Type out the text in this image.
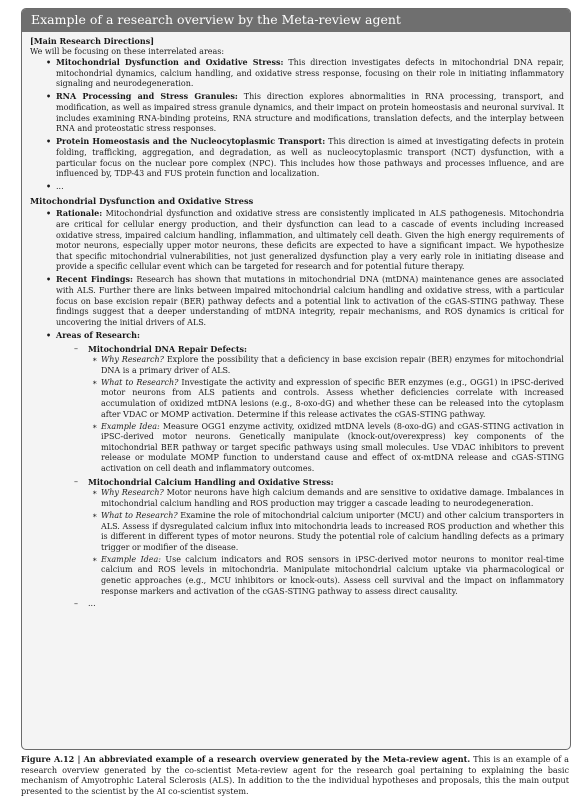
Example of a research overview by the Meta-review agent
[Main Research Directions]
We will be focusing on these interrelated areas:
• Mitochondrial Dysfunction and Oxidative Stress: This direction investigates defects in mitochondrial DNA repair, mitochondrial dynamics, calcium handling, and oxidative stress response, focusing on their role in initiating inflammatory signaling and neurodegeneration.
• RNA Processing and Stress Granules: This direction explores abnormalities in RNA processing, transport, and modification, as well as impaired stress granule dynamics, and their impact on protein homeostasis and neuronal survival. It includes examining RNA-binding proteins, RNA structure and modifications, translation defects, and the interplay between RNA and proteostatic stress responses.
• Protein Homeostasis and the Nucleocytoplasmic Transport: This direction is aimed at investigating defects in protein folding, trafficking, aggregation, and degradation, as well as nucleocytoplasmic transport (NCT) dysfunction, with a particular focus on the nuclear pore complex (NPC). This includes how those pathways and processes influence, and are influenced by, TDP-43 and FUS protein function and localization.
• ...
Mitochondrial Dysfunction and Oxidative Stress
• Rationale: Mitochondrial dysfunction and oxidative stress are consistently implicated in ALS pathogenesis. Mitochondria are critical for cellular energy production, and their dysfunction can lead to a cascade of events including increased oxidative stress, impaired calcium handling, inflammation, and ultimately cell death. Given the high energy requirements of motor neurons, especially upper motor neurons, these deficits are expected to have a significant impact. We hypothesize that specific mitochondrial vulnerabilities, not just generalized dysfunction play a very early role in initiating disease and provide a specific cellular event which can be targeted for research and for potential future therapy.
• Recent Findings: Research has shown that mutations in mitochondrial DNA (mtDNA) maintenance genes are associated with ALS. Further there are links between impaired mitochondrial calcium handling and oxidative stress, with a particular focus on base excision repair (BER) pathway defects and a potential link to activation of the cGAS-STING pathway. These findings suggest that a deeper understanding of mtDNA integrity, repair mechanisms, and ROS dynamics is critical for uncovering the initial drivers of ALS.
• Areas of Research:
– Mitochondrial DNA Repair Defects:
∗ Why Research? Explore the possibility that a deficiency in base excision repair (BER) enzymes for mitochondrial DNA is a primary driver of ALS.
∗ What to Research? Investigate the activity and expression of specific BER enzymes (e.g., OGG1) in iPSC-derived motor neurons from ALS patients and controls. Assess whether deficiencies correlate with increased accumulation of oxidized mtDNA lesions (e.g., 8-oxo-dG) and whether these can be released into the cytoplasm after VDAC or MOMP activation. Determine if this release activates the cGAS-STING pathway.
∗ Example Idea: Measure OGG1 enzyme activity, oxidized mtDNA levels (8-oxo-dG) and cGAS-STING activation in iPSC-derived motor neurons. Genetically manipulate (knock-out/overexpress) key components of the mitochondrial BER pathway or target specific pathways using small molecules. Use VDAC inhibitors to prevent release or modulate MOMP function to understand cause and effect of ox-mtDNA release and cGAS-STING activation on cell death and inflammatory outcomes.
– Mitochondrial Calcium Handling and Oxidative Stress:
∗ Why Research? Motor neurons have high calcium demands and are sensitive to oxidative damage. Imbalances in mitochondrial calcium handling and ROS production may trigger a cascade leading to neurodegeneration.
∗ What to Research? Examine the role of mitochondrial calcium uniporter (MCU) and other calcium transporters in ALS. Assess if dysregulated calcium influx into mitochondria leads to increased ROS production and whether this is different in different types of motor neurons. Study the potential role of calcium handling defects as a primary trigger or modifier of the disease.
∗ Example Idea: Use calcium indicators and ROS sensors in iPSC-derived motor neurons to monitor real-time calcium and ROS levels in mitochondria. Manipulate mitochondrial calcium uptake via pharmacological or genetic approaches (e.g., MCU inhibitors or knock-outs). Assess cell survival and the impact on inflammatory response markers and activation of the cGAS-STING pathway to assess direct causality.
– ...
Figure A.12 | An abbreviated example of a research overview generated by the Meta-review agent. This is an example of a research overview generated by the co-scientist Meta-review agent for the research goal pertaining to explaining the basic mechanism of Amyotrophic Lateral Sclerosis (ALS). In addition to the the individual hypotheses and proposals, this the main output presented to the scientist by the AI co-scientist system.
